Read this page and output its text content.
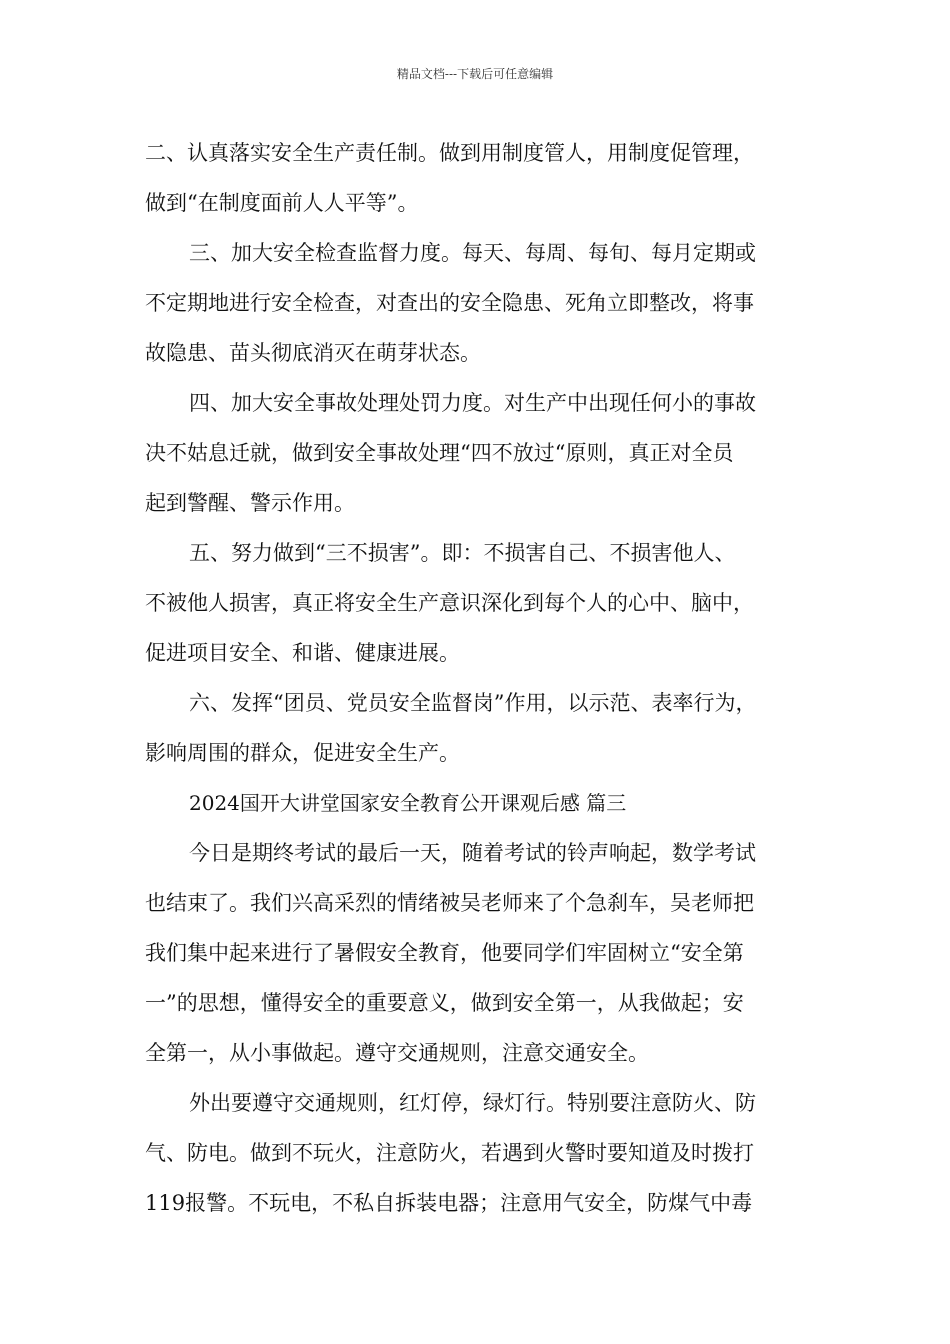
精品文档---下载后可任意编辑
二、认真落实安全生产责任制。做到用制度管人，用制度促管理，
做到“在制度面前人人平等”。
三、加大安全检查监督力度。每天、每周、每旬、每月定期或
不定期地进行安全检查，对查出的安全隐患、死角立即整改，将事
故隐患、苗头彻底消灭在萌芽状态。
四、加大安全事故处理处罚力度。对生产中出现任何小的事故
决不姑息迁就，做到安全事故处理“四不放过“原则，真正对全员
起到警醒、警示作用。
五、努力做到“三不损害”。即：不损害自己、不损害他人、
不被他人损害，真正将安全生产意识深化到每个人的心中、脑中，
促进项目安全、和谐、健康进展。
六、发挥“团员、党员安全监督岗”作用，以示范、表率行为，
影响周围的群众，促进安全生产。
2024国开大讲堂国家安全教育公开课观后感 篇三
今日是期终考试的最后一天，随着考试的铃声响起，数学考试
也结束了。我们兴高采烈的情绪被吴老师来了个急刹车，吴老师把
我们集中起来进行了暑假安全教育，他要同学们牢固树立“安全第
一”的思想，懂得安全的重要意义，做到安全第一，从我做起；安
全第一，从小事做起。遵守交通规则，注意交通安全。
外出要遵守交通规则，红灯停，绿灯行。特别要注意防火、防
气、防电。做到不玩火，注意防火，若遇到火警时要知道及时拨打
119报警。不玩电，不私自拆装电器；注意用气安全，防煤气中毒
